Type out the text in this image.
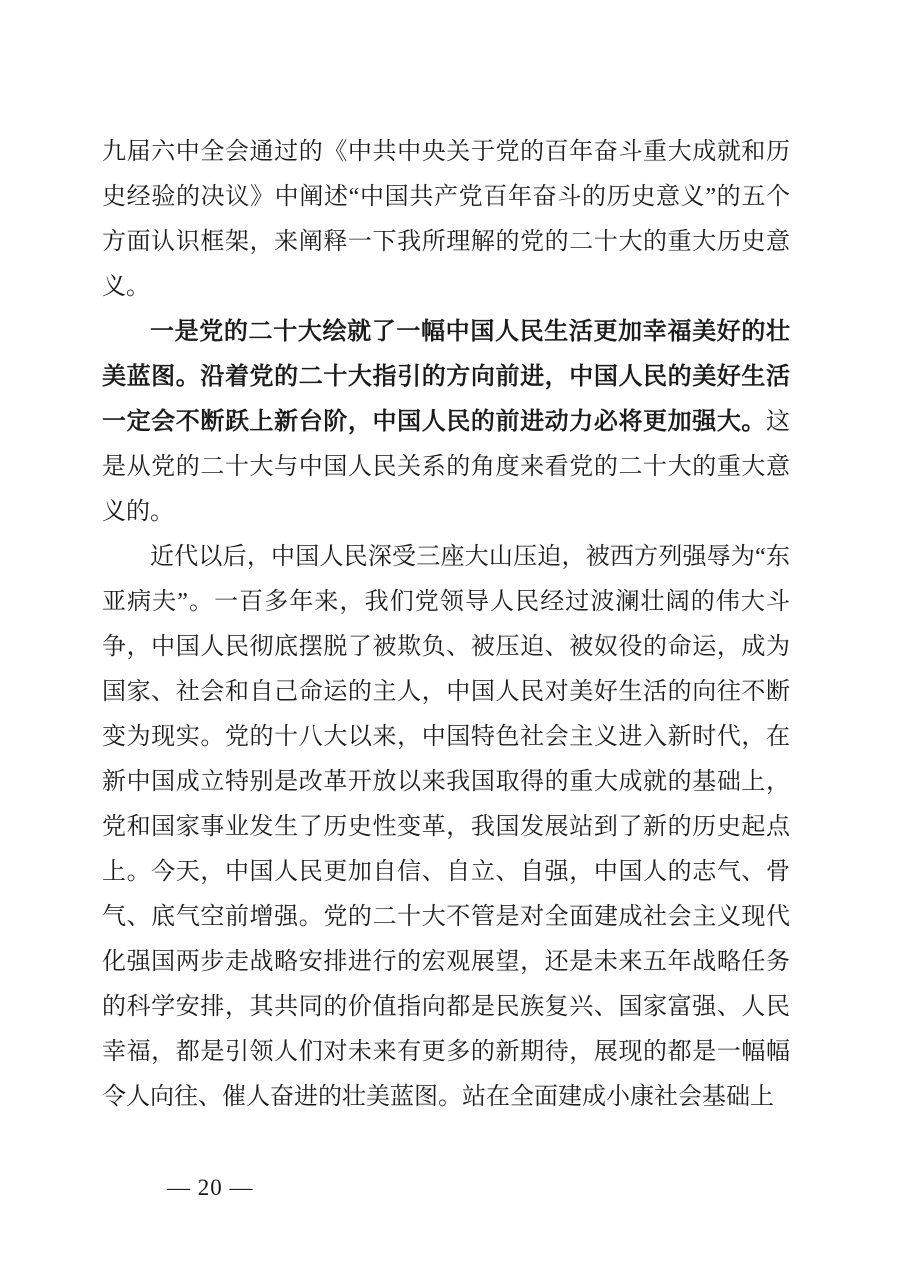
九届六中全会通过的《中共中央关于党的百年奋斗重大成就和历史经验的决议》中阐述“中国共产党百年奋斗的历史意义”的五个方面认识框架，来阐释一下我所理解的党的二十大的重大历史意义。

一是党的二十大绘就了一幅中国人民生活更加幸福美好的壮美蓝图。沿着党的二十大指引的方向前进，中国人民的美好生活一定会不断跃上新台阶，中国人民的前进动力必将更加强大。这是从党的二十大与中国人民关系的角度来看党的二十大的重大意义的。

近代以后，中国人民深受三座大山压迫，被西方列强辱为“东亚病夫”。一百多年来，我们党领导人民经过波澜壮阔的伟大斗争，中国人民彻底摆脱了被欺负、被压迫、被奴役的命运，成为国家、社会和自己命运的主人，中国人民对美好生活的向往不断变为现实。党的十八大以来，中国特色社会主义进入新时代，在新中国成立特别是改革开放以来我国取得的重大成就的基础上，党和国家事业发生了历史性变革，我国发展站到了新的历史起点上。今天，中国人民更加自信、自立、自强，中国人的志气、骨气、底气空前增强。党的二十大不管是对全面建成社会主义现代化强国两步走战略安排进行的宏观展望，还是未来五年战略任务的科学安排，其共同的价值指向都是民族复兴、国家富强、人民幸福，都是引领人们对未来有更多的新期待，展现的都是一幅幅令人向往、催人奋进的壮美蓝图。站在全面建成小康社会基础上

— 20 —
